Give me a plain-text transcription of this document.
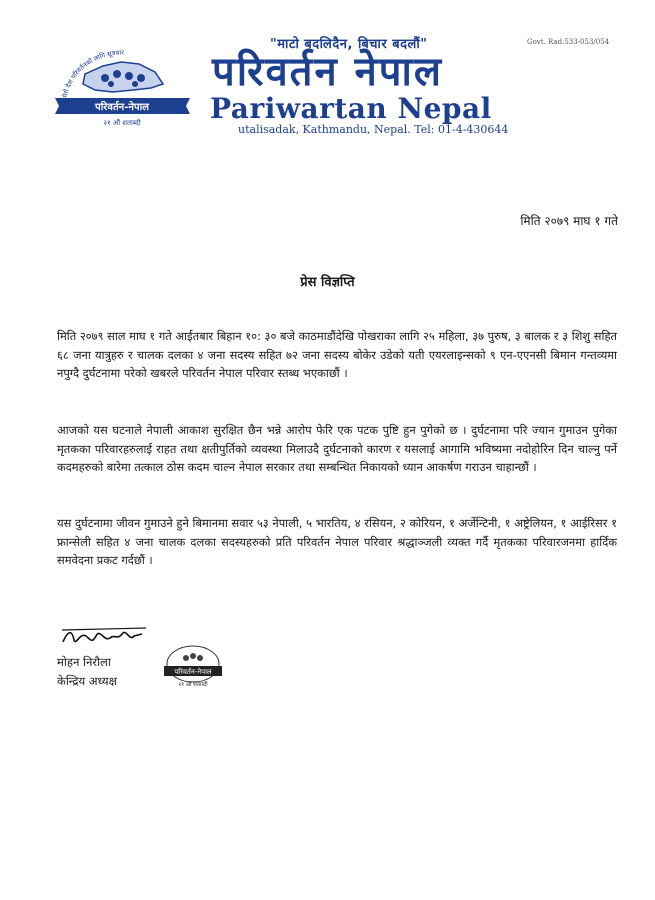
मेरो देश परिवर्तनको लागि सूत्रधार
परिवर्तन-नेपाल
२१ औं शताब्दी
"माटो बदलिदैन, बिचार बदलौं"	Govt. Rad.533-053/054
परिवर्तन नेपाल
Pariwartan Nepal
utalisadak, Kathmandu, Nepal. Tel: 01-4-430644
मिति २०७९ माघ १ गते
प्रेस विज्ञप्ति

मिति २०७९ साल माघ १ गते आईतबार बिहान १०: ३० बजे काठमाडौंदेखि पोखराका लागि २५ महिला, ३७ पुरुष, ३ बालक र ३ शिशु सहित ६८ जना यात्रुहरु र चालक दलका ४ जना सदस्य सहित ७२ जना सदस्य बोकेर उडेको यती एयरलाइन्सको ९ एन-एएनसी बिमान गन्तव्यमा नपुग्दै दुर्घटनामा परेको खबरले परिवर्तन नेपाल परिवार स्तब्ध भएकाछौं ।

आजको यस घटनाले नेपाली आकाश सुरक्षित छैन भन्ने आरोप फेरि एक पटक पुष्टि हुन पुगेको छ । दुर्घटनामा परि ज्यान गुमाउन पुगेका मृतकका परिवारहरुलाई राहत तथा क्षतीपुर्तिको व्यवस्था मिलाउदै दुर्घटनाको कारण र यसलाई आगामि भविष्यमा नदोहोरिन दिन चाल्नु पर्ने कदमहरुको बारेमा तत्काल ठोस कदम चाल्न नेपाल सरकार तथा सम्बन्धित निकायको ध्यान आकर्षण गराउन चाहान्छौं ।

यस दुर्घटनामा जीवन गुमाउने हुने बिमानमा सवार ५३ नेपाली, ५ भारतिय, ४ रसियन, २ कोरियन, १ अर्जेन्टिनी, १ अष्ट्रेलियन, १ आईरिसर १ फ्रान्सेली सहित ४ जना चालक दलका सदस्यहरुको प्रति परिवर्तन नेपाल परिवार श्रद्धाञ्जली व्यक्त गर्दै मृतकका परिवारजनमा हार्दिक समवेदना प्रकट गर्दछौं ।

मोहन निरौला
केन्द्रिय अध्यक्ष
परिवर्तन-नेपाल
२१ औं शताब्दी
